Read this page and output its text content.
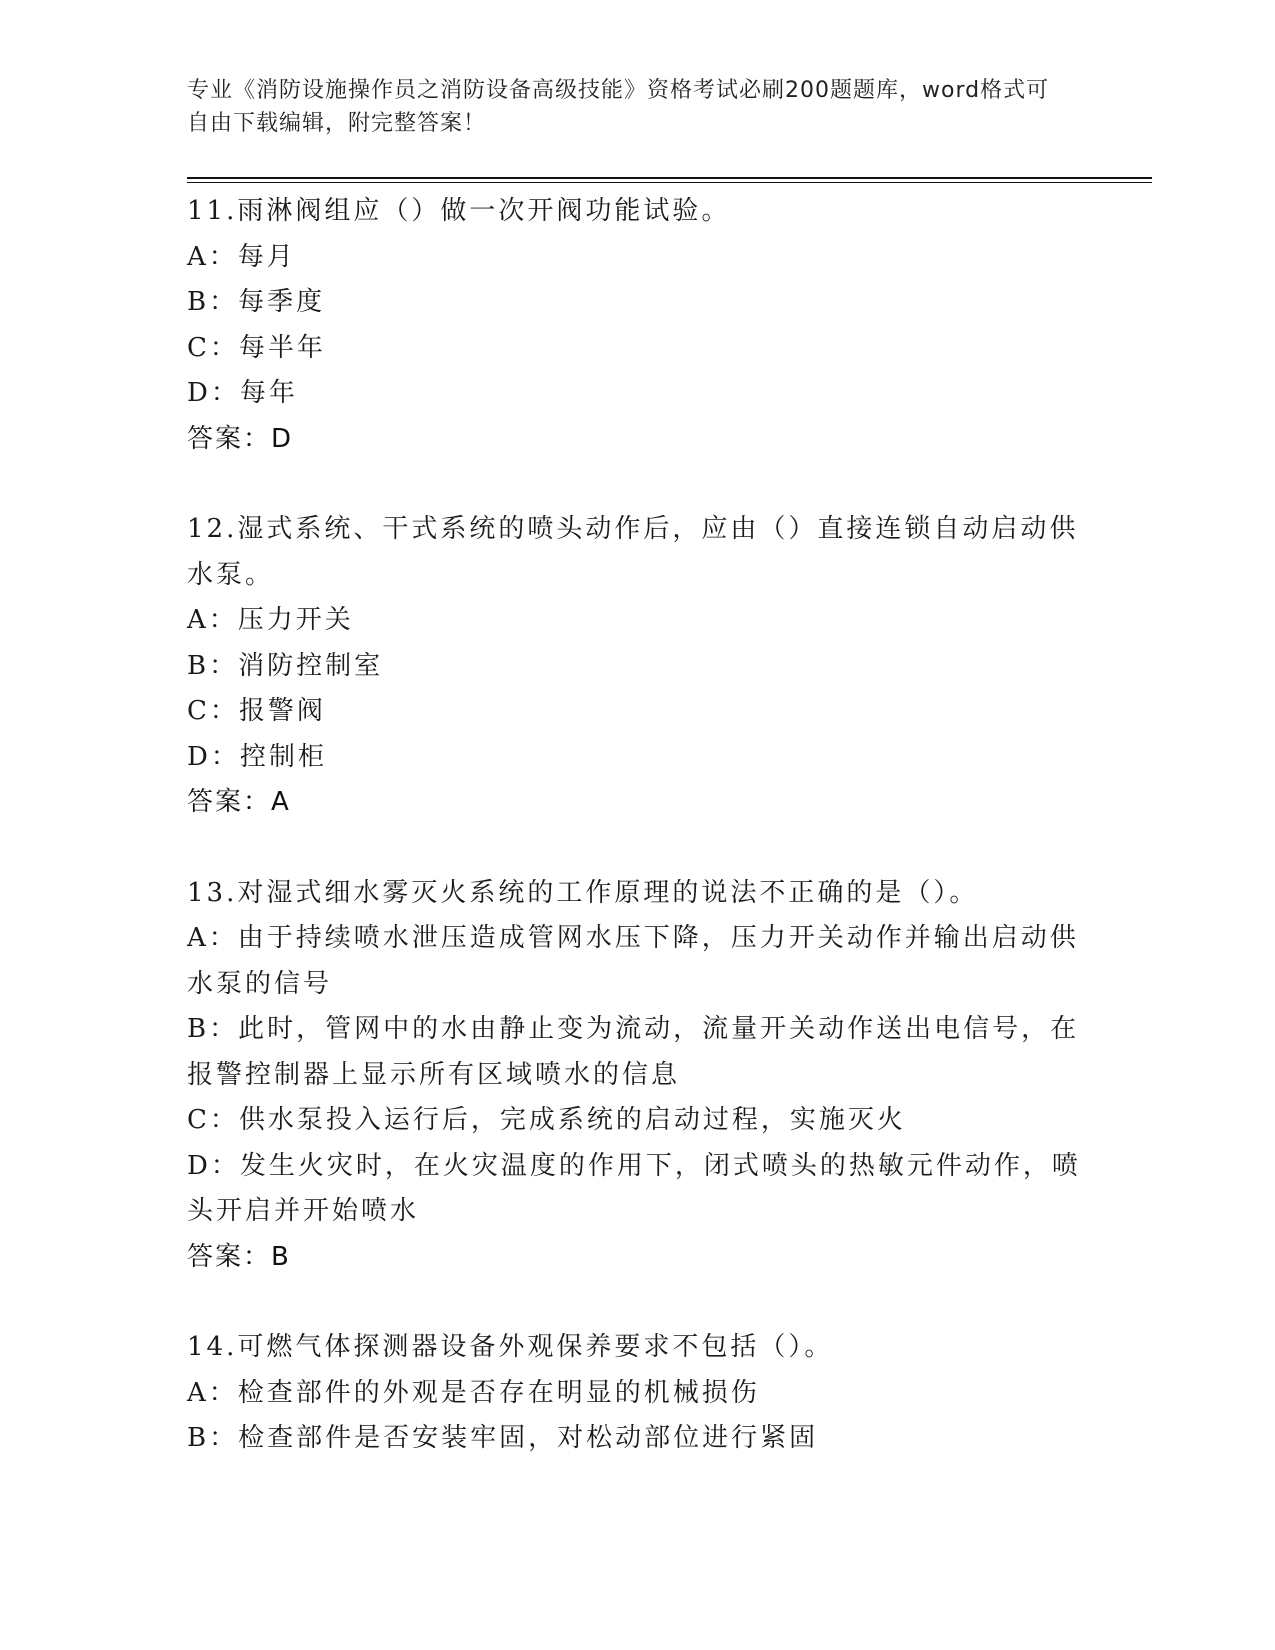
专业《消防设施操作员之消防设备高级技能》资格考试必刷200题题库，word格式可自由下载编辑，附完整答案！
11.雨淋阀组应（）做一次开阀功能试验。
A：每月
B：每季度
C：每半年
D：每年
答案：D
12.湿式系统、干式系统的喷头动作后，应由（）直接连锁自动启动供
水泵。
A：压力开关
B：消防控制室
C：报警阀
D：控制柜
答案：A
13.对湿式细水雾灭火系统的工作原理的说法不正确的是（）。
A：由于持续喷水泄压造成管网水压下降，压力开关动作并输出启动供
水泵的信号
B：此时，管网中的水由静止变为流动，流量开关动作送出电信号，在
报警控制器上显示所有区域喷水的信息
C：供水泵投入运行后，完成系统的启动过程，实施灭火
D：发生火灾时，在火灾温度的作用下，闭式喷头的热敏元件动作，喷
头开启并开始喷水
答案：B
14.可燃气体探测器设备外观保养要求不包括（）。
A：检查部件的外观是否存在明显的机械损伤
B：检查部件是否安装牢固，对松动部位进行紧固
